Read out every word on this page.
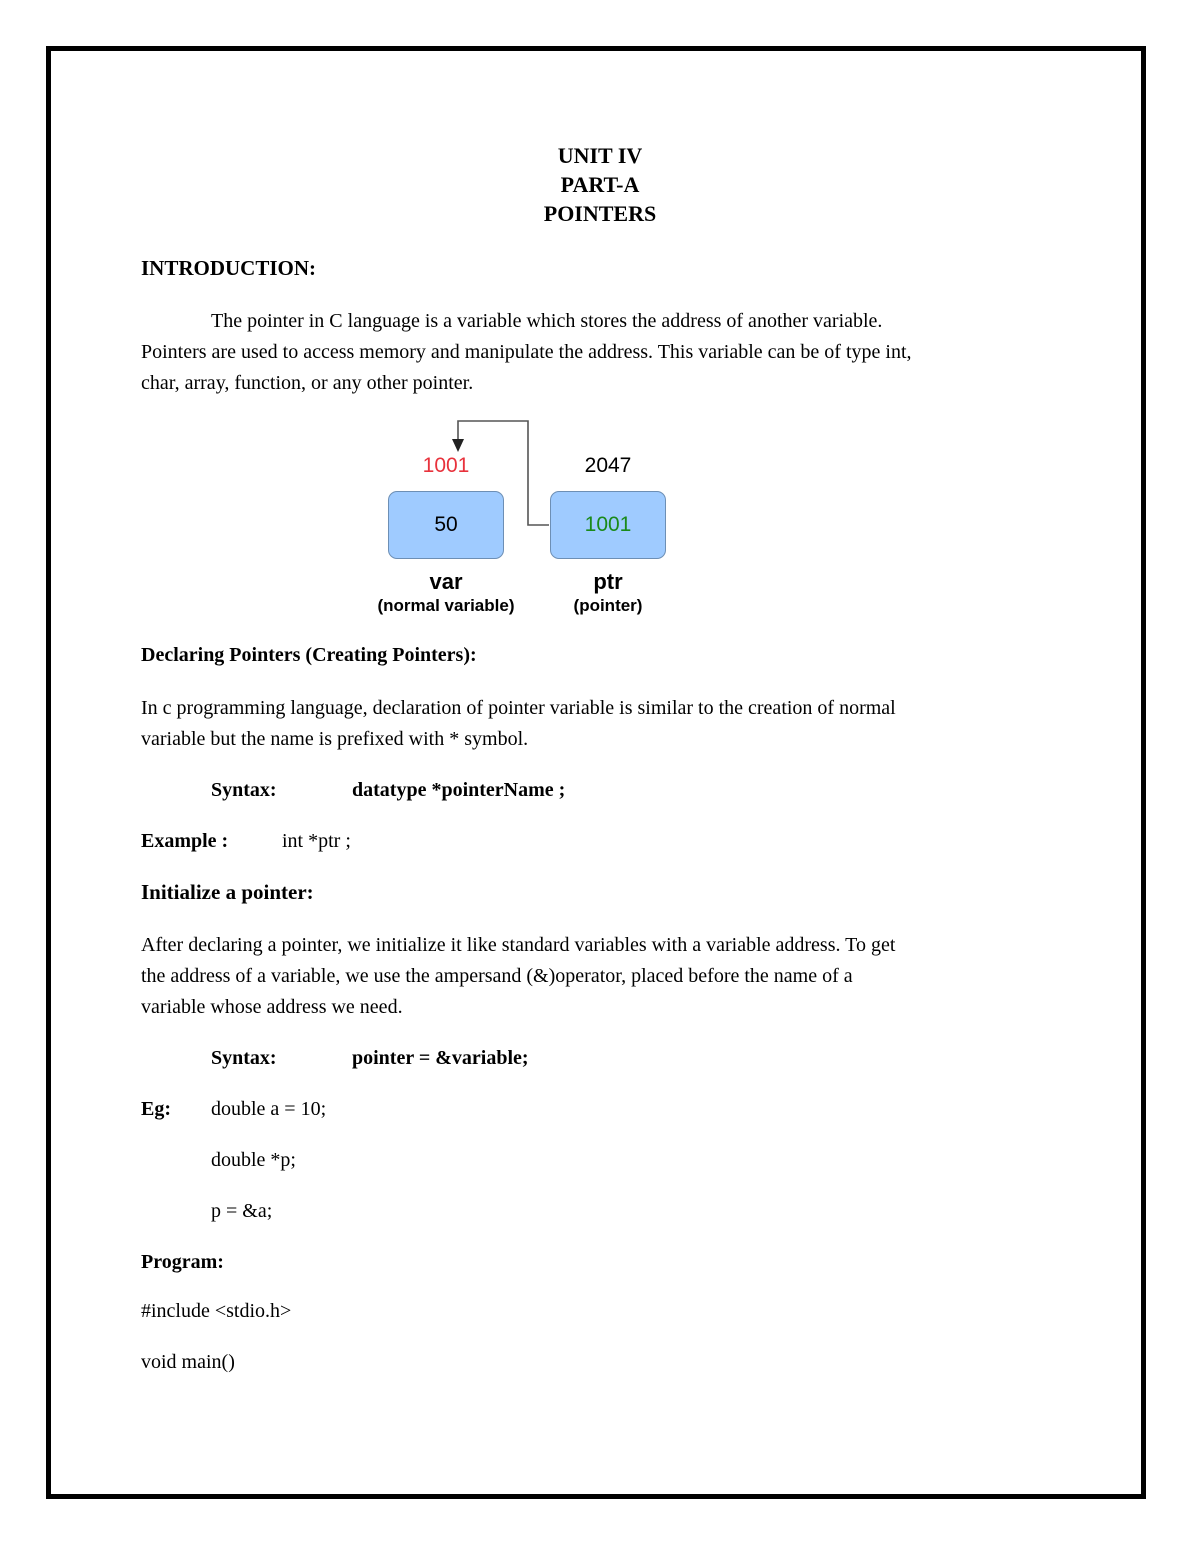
UNIT IV
PART-A
POINTERS
INTRODUCTION:
The pointer in C language is a variable which stores the address of another variable.
Pointers are used to access memory and manipulate the address. This variable can be of type int,
char, array, function, or any other pointer.
1001	2047
50	1001
var
(normal variable)
ptr
(pointer)
Declaring Pointers (Creating Pointers):
In c programming language, declaration of pointer variable is similar to the creation of normal
variable but the name is prefixed with * symbol.
Syntax:	datatype *pointerName ;
Example :	int *ptr ;
Initialize a pointer:
After declaring a pointer, we initialize it like standard variables with a variable address. To get
the address of a variable, we use the ampersand (&)operator, placed before the name of a
variable whose address we need.
Syntax:	pointer = &variable;
Eg: double a = 10;
double *p;
p = &a;
Program:
#include <stdio.h>
void main()
